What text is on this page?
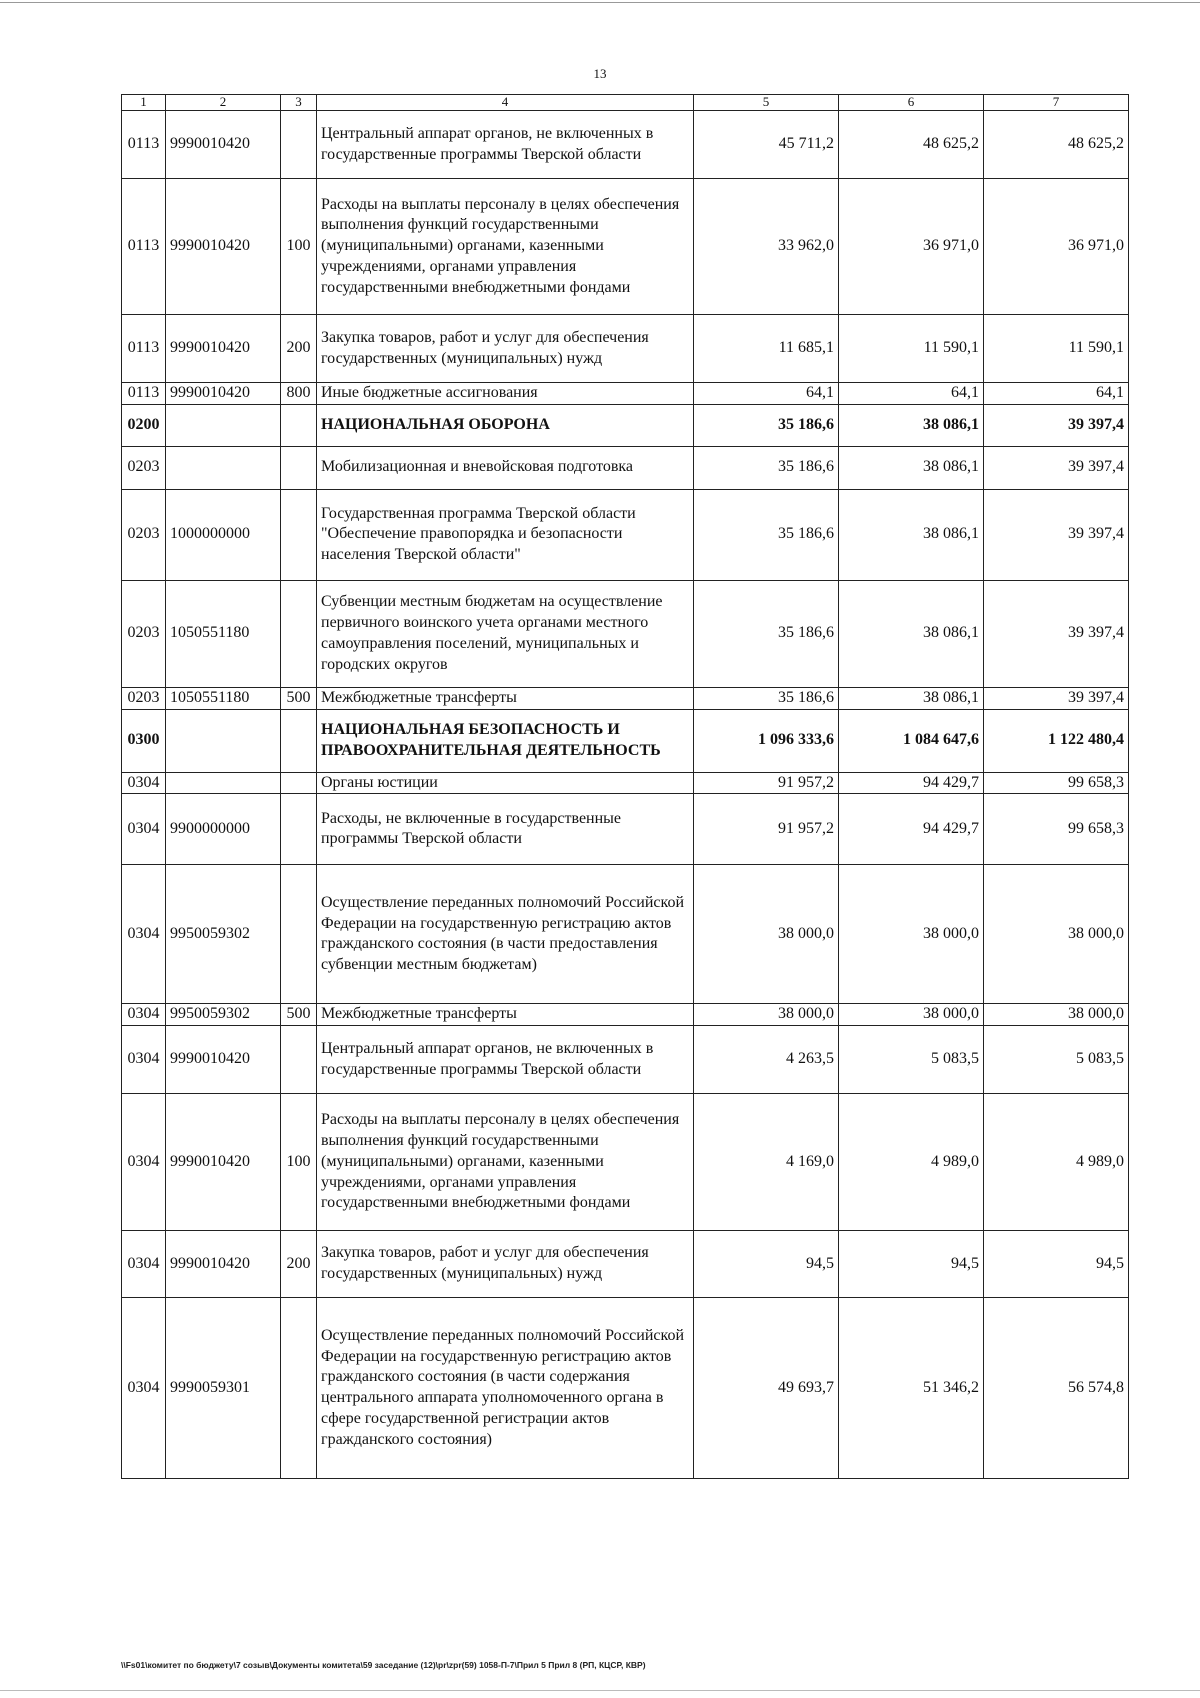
13
1	2	3	4	5	6	7
0113	9990010420		Центральный аппарат органов, не включенных в государственные программы Тверской области	45 711,2	48 625,2	48 625,2
0113	9990010420	100	Расходы на выплаты персоналу в целях обеспечения выполнения функций государственными (муниципальными) органами, казенными учреждениями, органами управления государственными внебюджетными фондами	33 962,0	36 971,0	36 971,0
0113	9990010420	200	Закупка товаров, работ и услуг для обеспечения государственных (муниципальных) нужд	11 685,1	11 590,1	11 590,1
0113	9990010420	800	Иные бюджетные ассигнования	64,1	64,1	64,1
0200			НАЦИОНАЛЬНАЯ ОБОРОНА	35 186,6	38 086,1	39 397,4
0203			Мобилизационная и вневойсковая подготовка	35 186,6	38 086,1	39 397,4
0203	1000000000		Государственная программа Тверской области "Обеспечение правопорядка и безопасности населения Тверской области"	35 186,6	38 086,1	39 397,4
0203	1050551180		Субвенции местным бюджетам на осуществление первичного воинского учета органами местного самоуправления поселений, муниципальных и городских округов	35 186,6	38 086,1	39 397,4
0203	1050551180	500	Межбюджетные трансферты	35 186,6	38 086,1	39 397,4
0300			НАЦИОНАЛЬНАЯ БЕЗОПАСНОСТЬ И ПРАВООХРАНИТЕЛЬНАЯ ДЕЯТЕЛЬНОСТЬ	1 096 333,6	1 084 647,6	1 122 480,4
0304			Органы юстиции	91 957,2	94 429,7	99 658,3
0304	9900000000		Расходы, не включенные в государственные программы Тверской области	91 957,2	94 429,7	99 658,3
0304	9950059302		Осуществление переданных полномочий Российской Федерации на государственную регистрацию актов гражданского состояния (в части предоставления субвенции местным бюджетам)	38 000,0	38 000,0	38 000,0
0304	9950059302	500	Межбюджетные трансферты	38 000,0	38 000,0	38 000,0
0304	9990010420		Центральный аппарат органов, не включенных в государственные программы Тверской области	4 263,5	5 083,5	5 083,5
0304	9990010420	100	Расходы на выплаты персоналу в целях обеспечения выполнения функций государственными (муниципальными) органами, казенными учреждениями, органами управления государственными внебюджетными фондами	4 169,0	4 989,0	4 989,0
0304	9990010420	200	Закупка товаров, работ и услуг для обеспечения государственных (муниципальных) нужд	94,5	94,5	94,5
0304	9990059301		Осуществление переданных полномочий Российской Федерации на государственную регистрацию актов гражданского состояния (в части содержания центрального аппарата уполномоченного органа в сфере государственной регистрации актов гражданского состояния)	49 693,7	51 346,2	56 574,8
\\Fs01\комитет по бюджету\7 созыв\Документы комитета\59 заседание (12)\pr\zpr(59) 1058-П-7\Прил 5 Прил 8 (РП, КЦСР, КВР)
